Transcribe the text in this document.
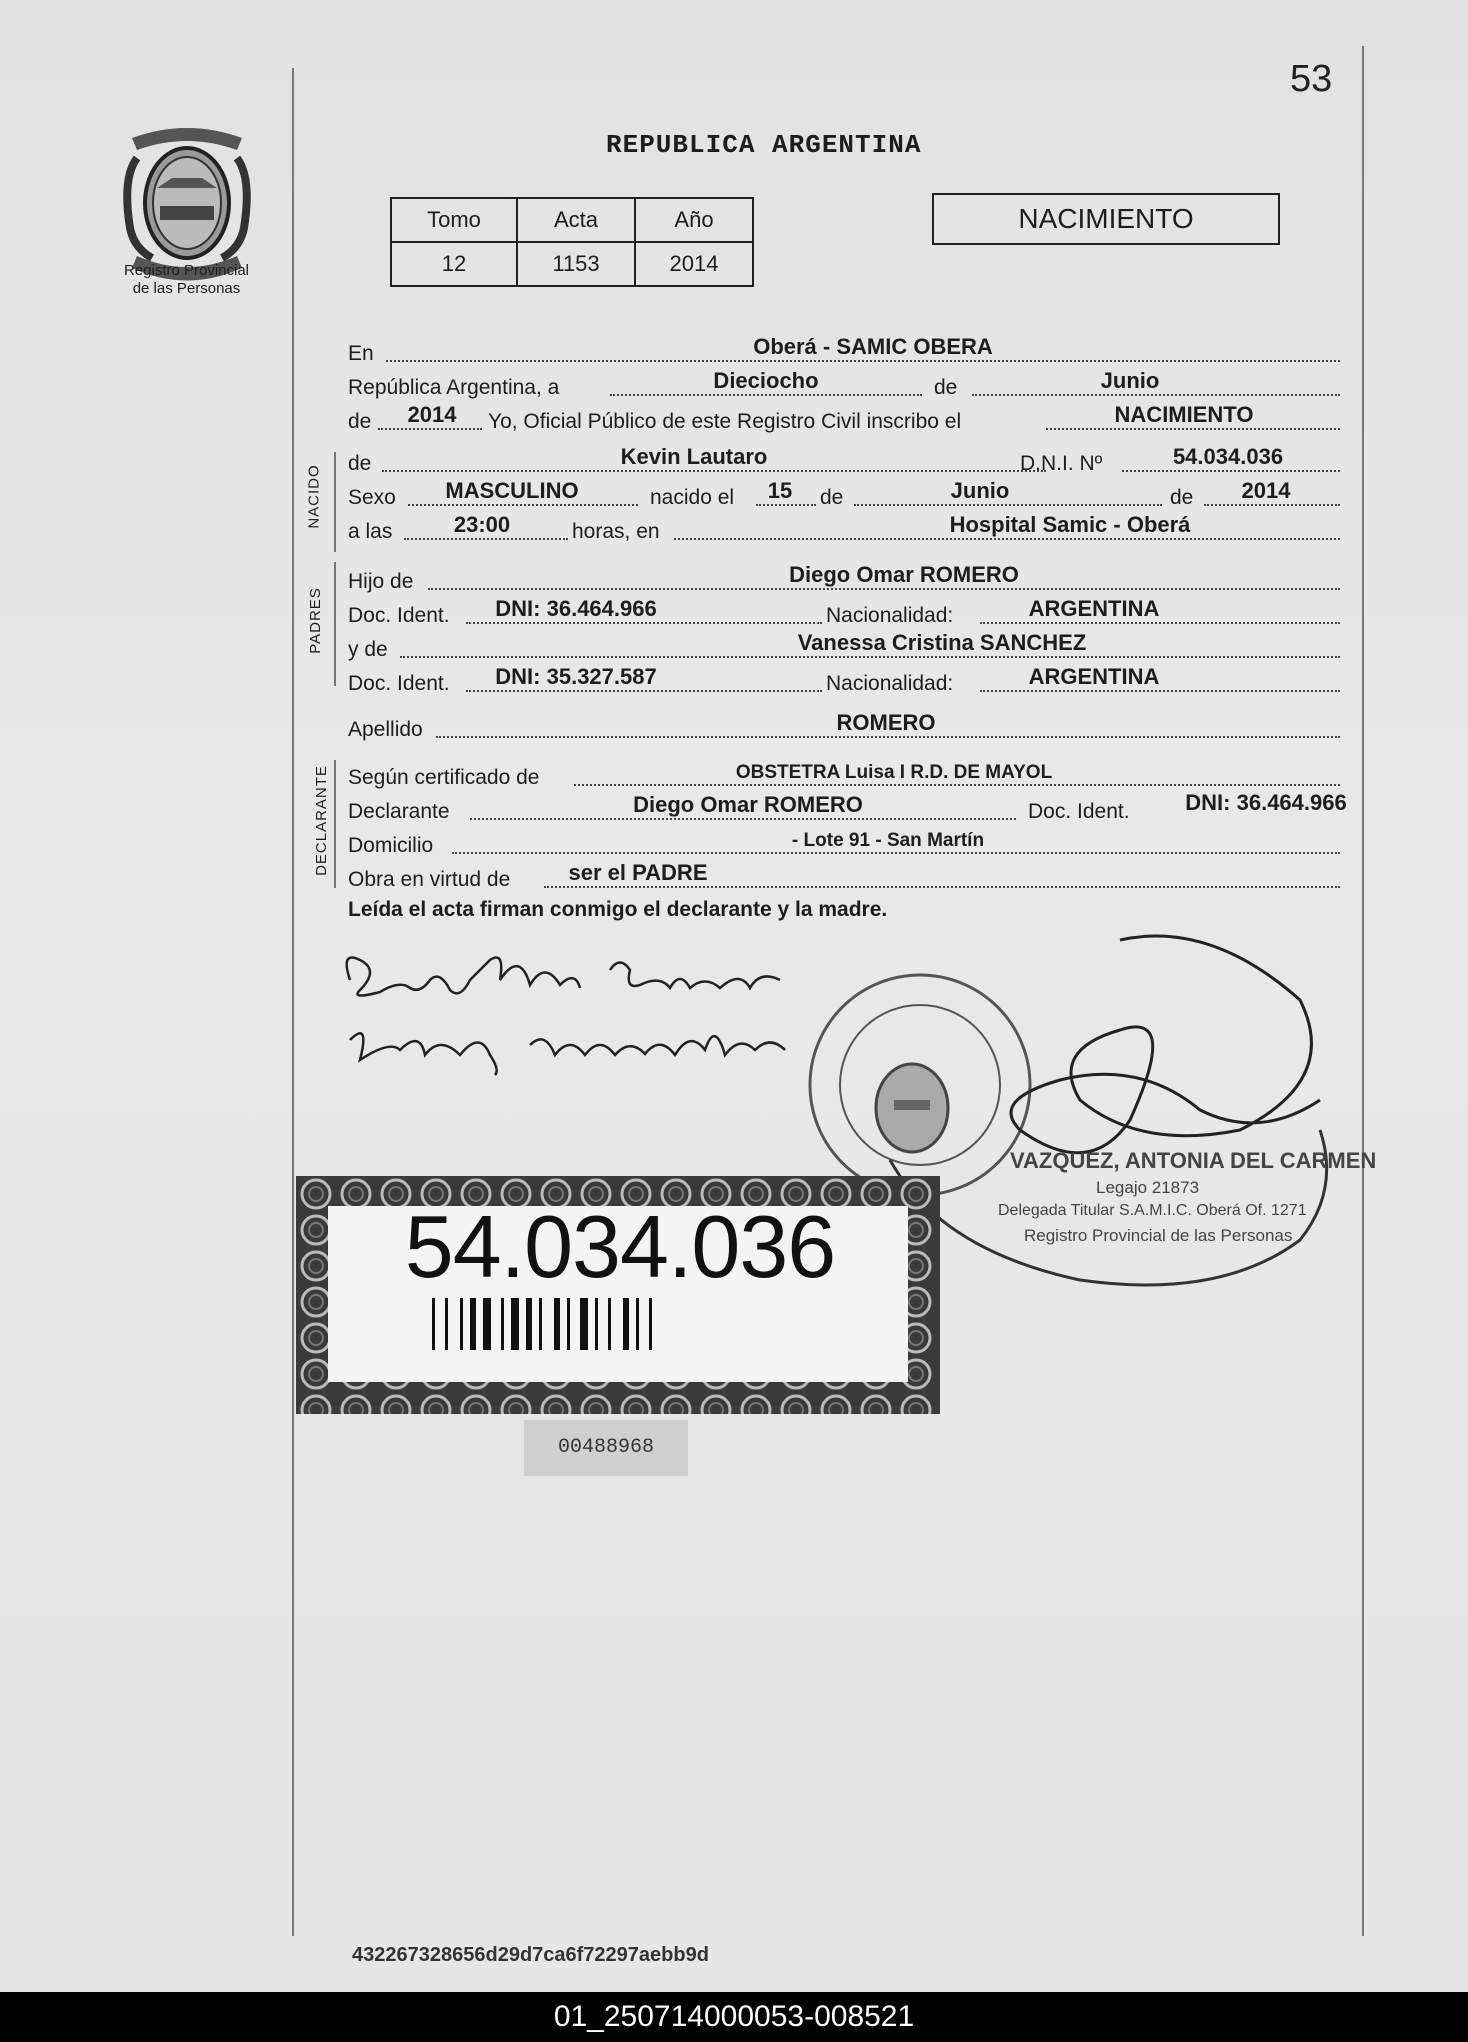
53
Registro Provincial
de las Personas
REPUBLICA ARGENTINA
Tomo	Acta	Año
12	1153	2014
NACIMIENTO
En	Oberá - SAMIC OBERA
República Argentina, a	Dieciocho	de	Junio
de 2014 Yo, Oficial Público de este Registro Civil inscribo el	NACIMIENTO
NACIDO
de	Kevin Lautaro	D.N.I. Nº	54.034.036
Sexo MASCULINO	nacido el 15 de	Junio	de 2014
a las	23:00	horas, en	Hospital Samic - Oberá
PADRES
Hijo de	Diego Omar ROMERO
Doc. Ident. DNI: 36.464.966	Nacionalidad:	ARGENTINA
y de	Vanessa Cristina SANCHEZ
Doc. Ident. DNI: 35.327.587	Nacionalidad:	ARGENTINA
Apellido	ROMERO
DECLARANTE Según certificado de	OBSTETRA Luisa I R.D. DE MAYOL
Declarante	Diego Omar ROMERO	Doc. Ident.	DNI: 36.464.966
Domicilio	- Lote 91 - San Martín
Obra en virtud de	ser el PADRE
Leída el acta firman conmigo el declarante y la madre.
VAZQUEZ, ANTONIA DEL CARMEN
Legajo 21873
Delegada Titular S.A.M.I.C. Oberá Of. 1271
Registro Provincial de las Personas
54.034.036
00488968
432267328656d29d7ca6f72297aebb9d
01_250714000053-008521
